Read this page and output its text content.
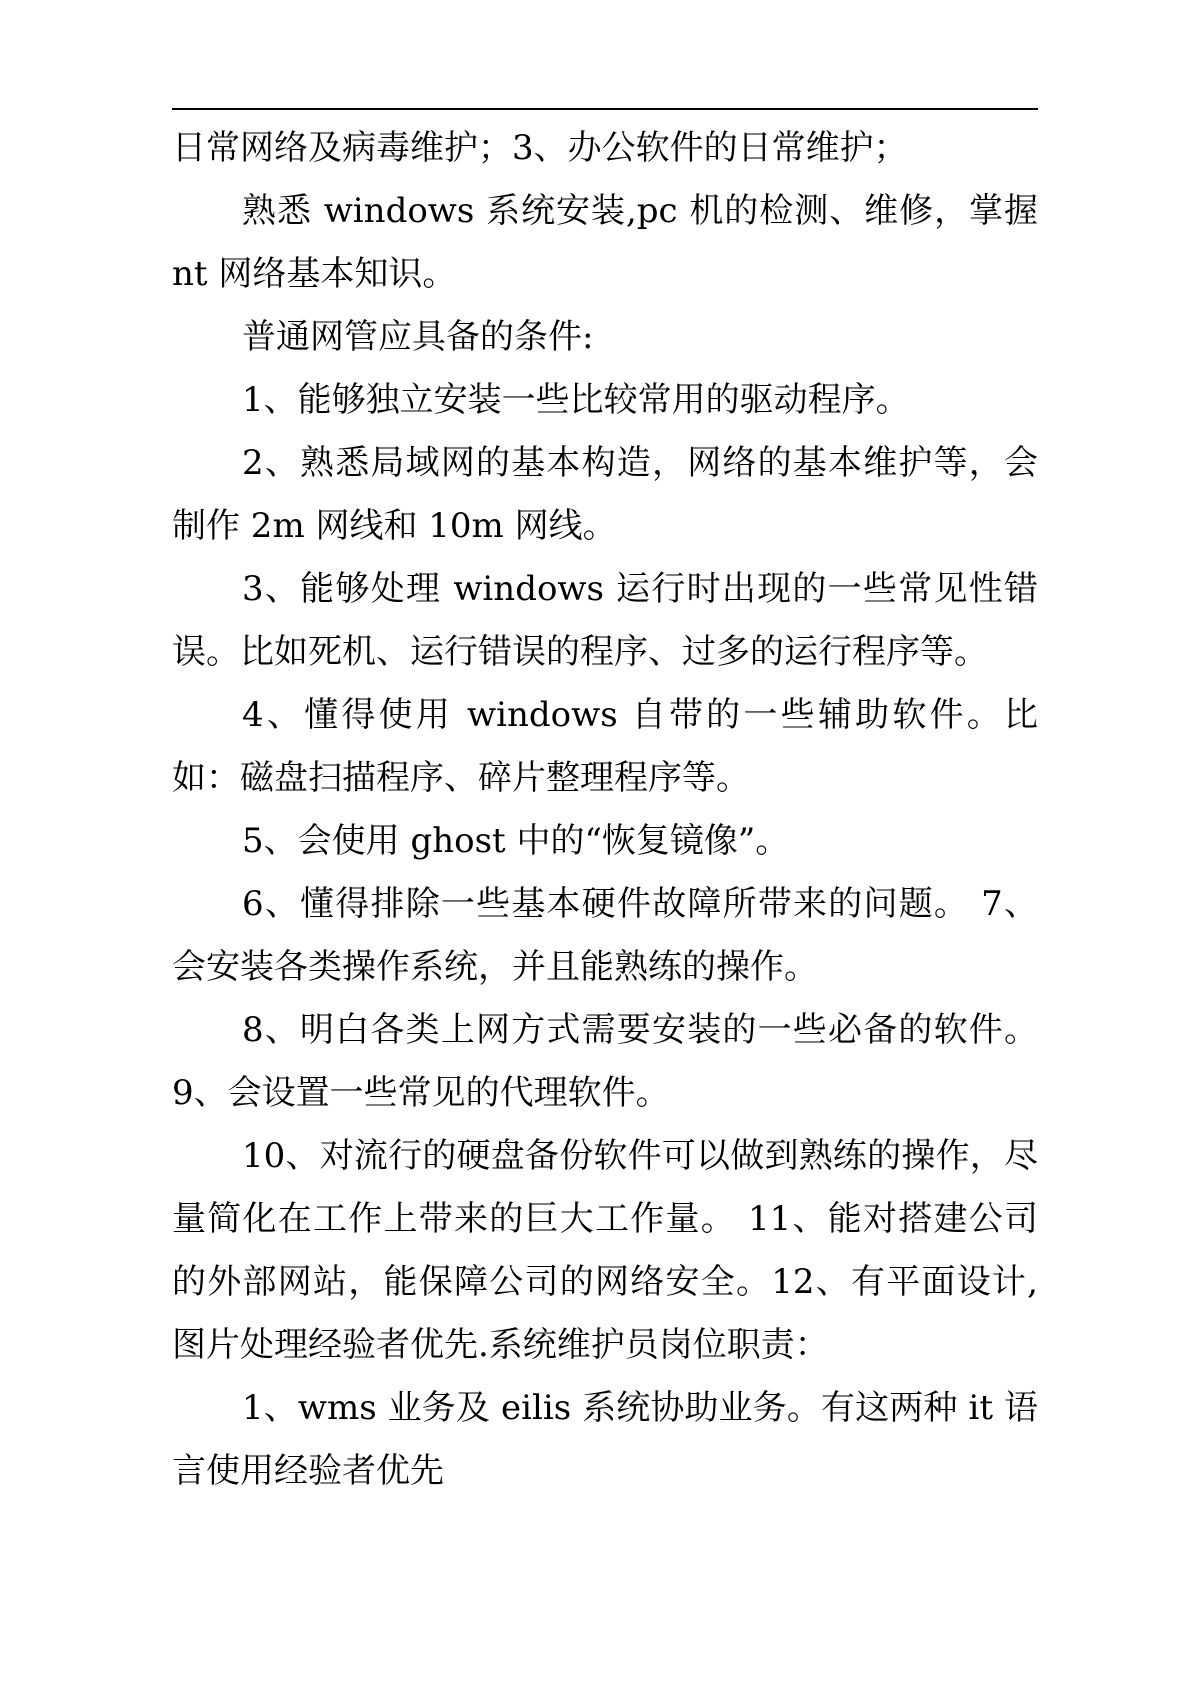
日常网络及病毒维护；3、办公软件的日常维护；

熟悉 windows 系统安装,pc 机的检测、维修，掌握 nt 网络基本知识。

普通网管应具备的条件:

1、能够独立安装一些比较常用的驱动程序。

2、熟悉局域网的基本构造，网络的基本维护等，会制作 2m 网线和 10m 网线。

3、能够处理 windows 运行时出现的一些常见性错误。比如死机、运行错误的程序、过多的运行程序等。

4、懂得使用 windows 自带的一些辅助软件。比如：磁盘扫描程序、碎片整理程序等。

5、会使用 ghost 中的“恢复镜像”。

6、懂得排除一些基本硬件故障所带来的问题。 7、会安装各类操作系统，并且能熟练的操作。

8、明白各类上网方式需要安装的一些必备的软件。9、会设置一些常见的代理软件。

10、对流行的硬盘备份软件可以做到熟练的操作，尽量简化在工作上带来的巨大工作量。 11、能对搭建公司的外部网站，能保障公司的网络安全。12、有平面设计,图片处理经验者优先.系统维护员岗位职责：

1、wms 业务及 eilis 系统协助业务。有这两种 it 语言使用经验者优先
